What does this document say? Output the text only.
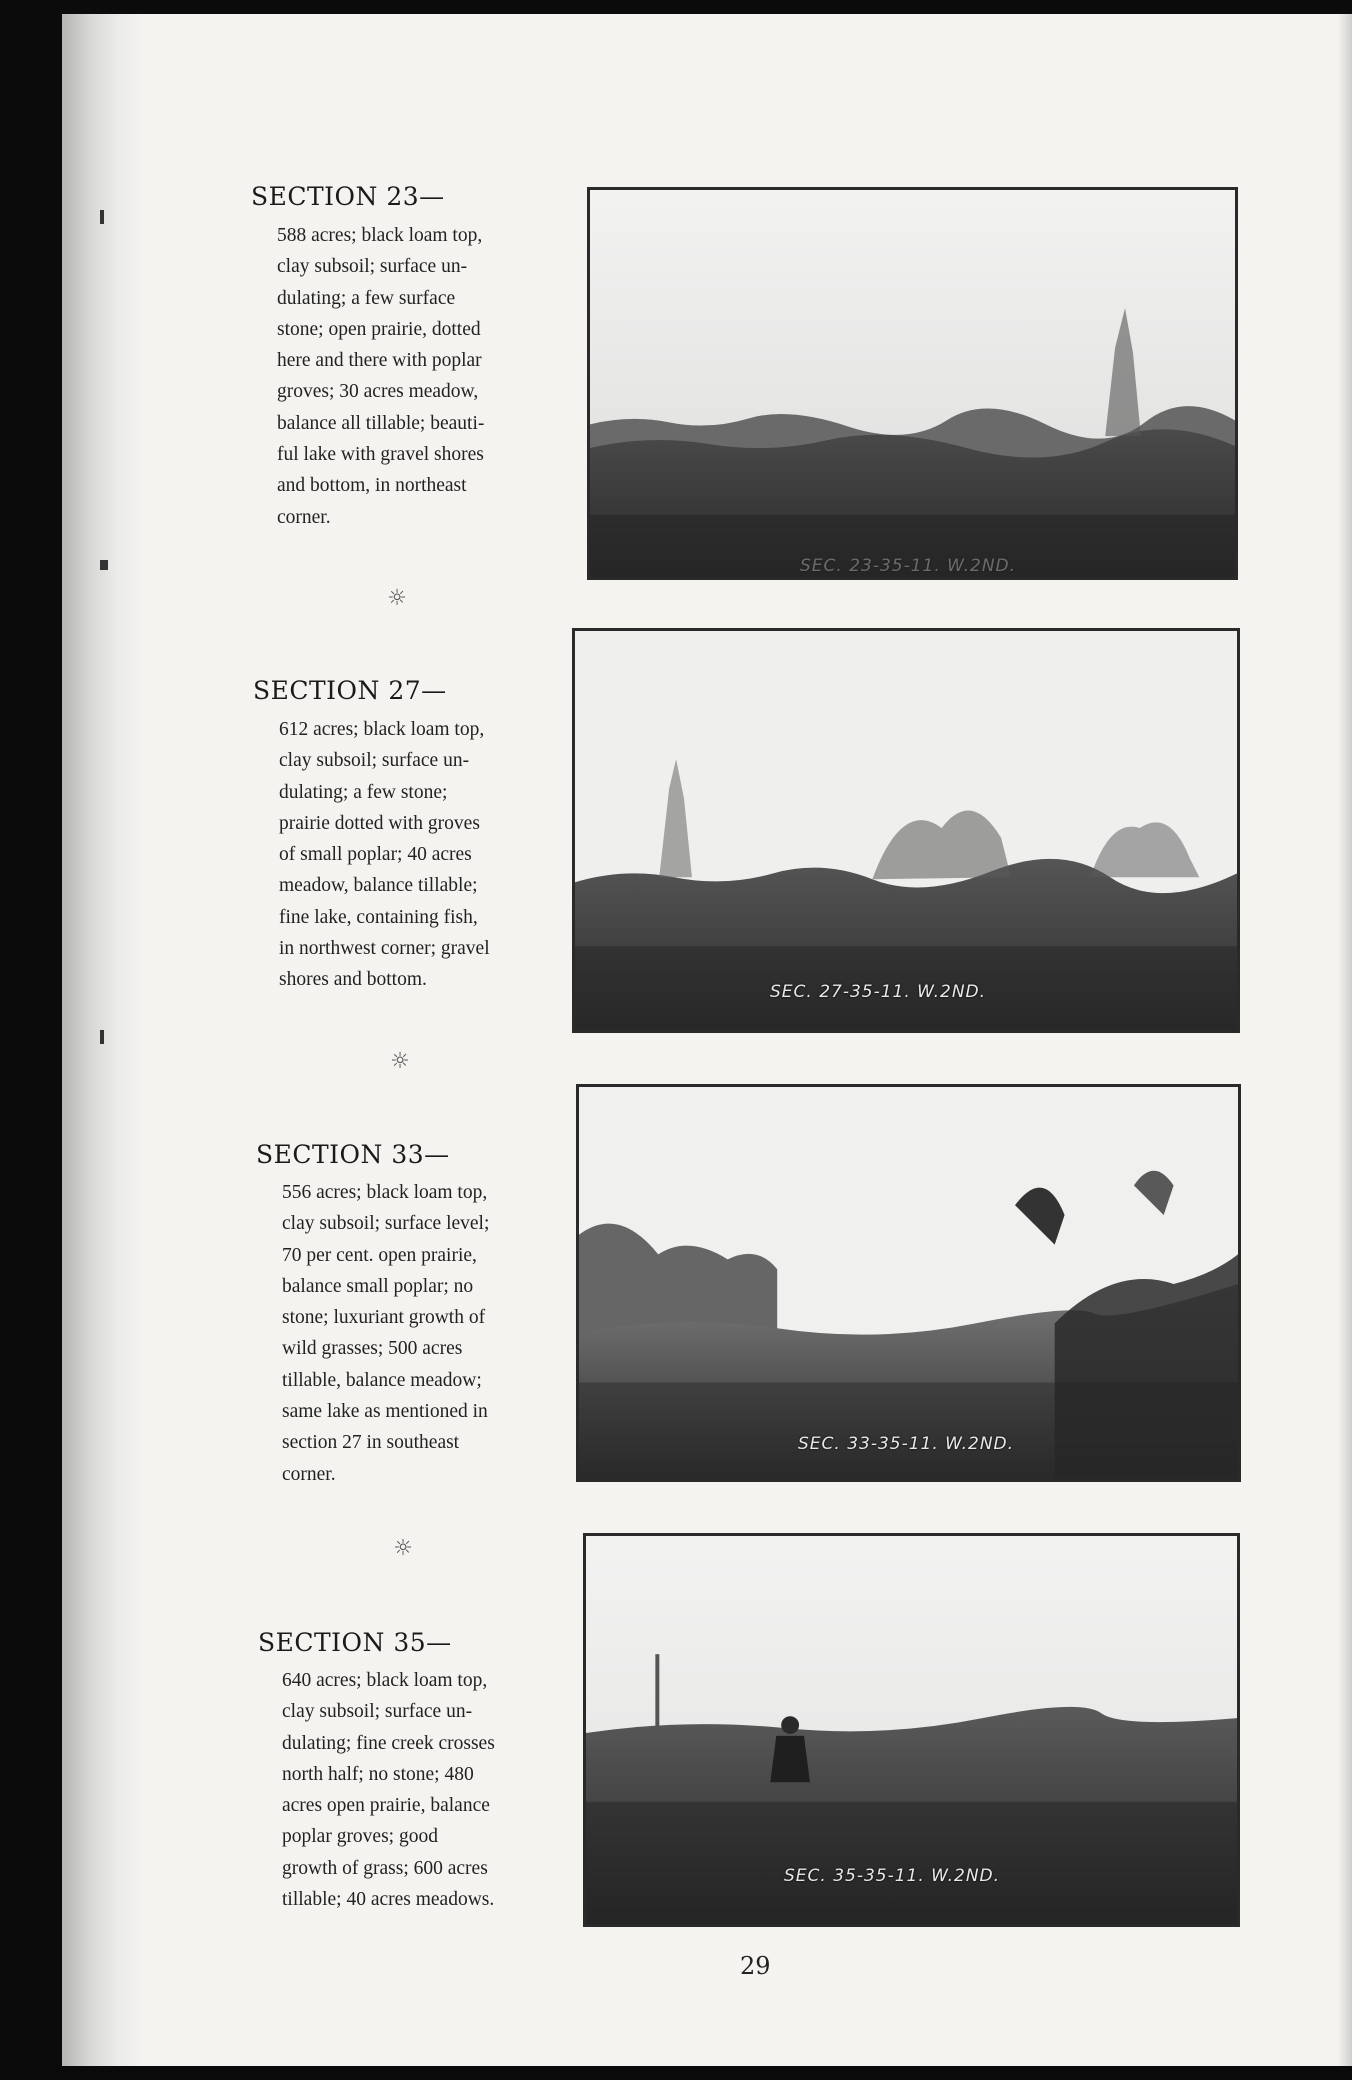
SECTION 23—
588 acres; black loam top,
clay subsoil; surface un-
dulating; a few surface
stone; open prairie, dotted
here and there with poplar
groves; 30 acres meadow,
balance all tillable; beauti-
ful lake with gravel shores
and bottom, in northeast
corner.
☼
SEC. 23-35-11. W.2ND.
SECTION 27—
612 acres; black loam top,
clay subsoil; surface un-
dulating; a few stone;
prairie dotted with groves
of small poplar; 40 acres
meadow, balance tillable;
fine lake, containing fish,
in northwest corner; gravel
shores and bottom.
☼
SEC. 27-35-11. W.2ND.
SECTION 33—
556 acres; black loam top,
clay subsoil; surface level;
70 per cent. open prairie,
balance small poplar; no
stone; luxuriant growth of
wild grasses; 500 acres
tillable, balance meadow;
same lake as mentioned in
section 27 in southeast
corner.
☼
SEC. 33-35-11. W.2ND.
SECTION 35—
640 acres; black loam top,
clay subsoil; surface un-
dulating; fine creek crosses
north half; no stone; 480
acres open prairie, balance
poplar groves; good
growth of grass; 600 acres
tillable; 40 acres meadows.
SEC. 35-35-11. W.2ND.
29
